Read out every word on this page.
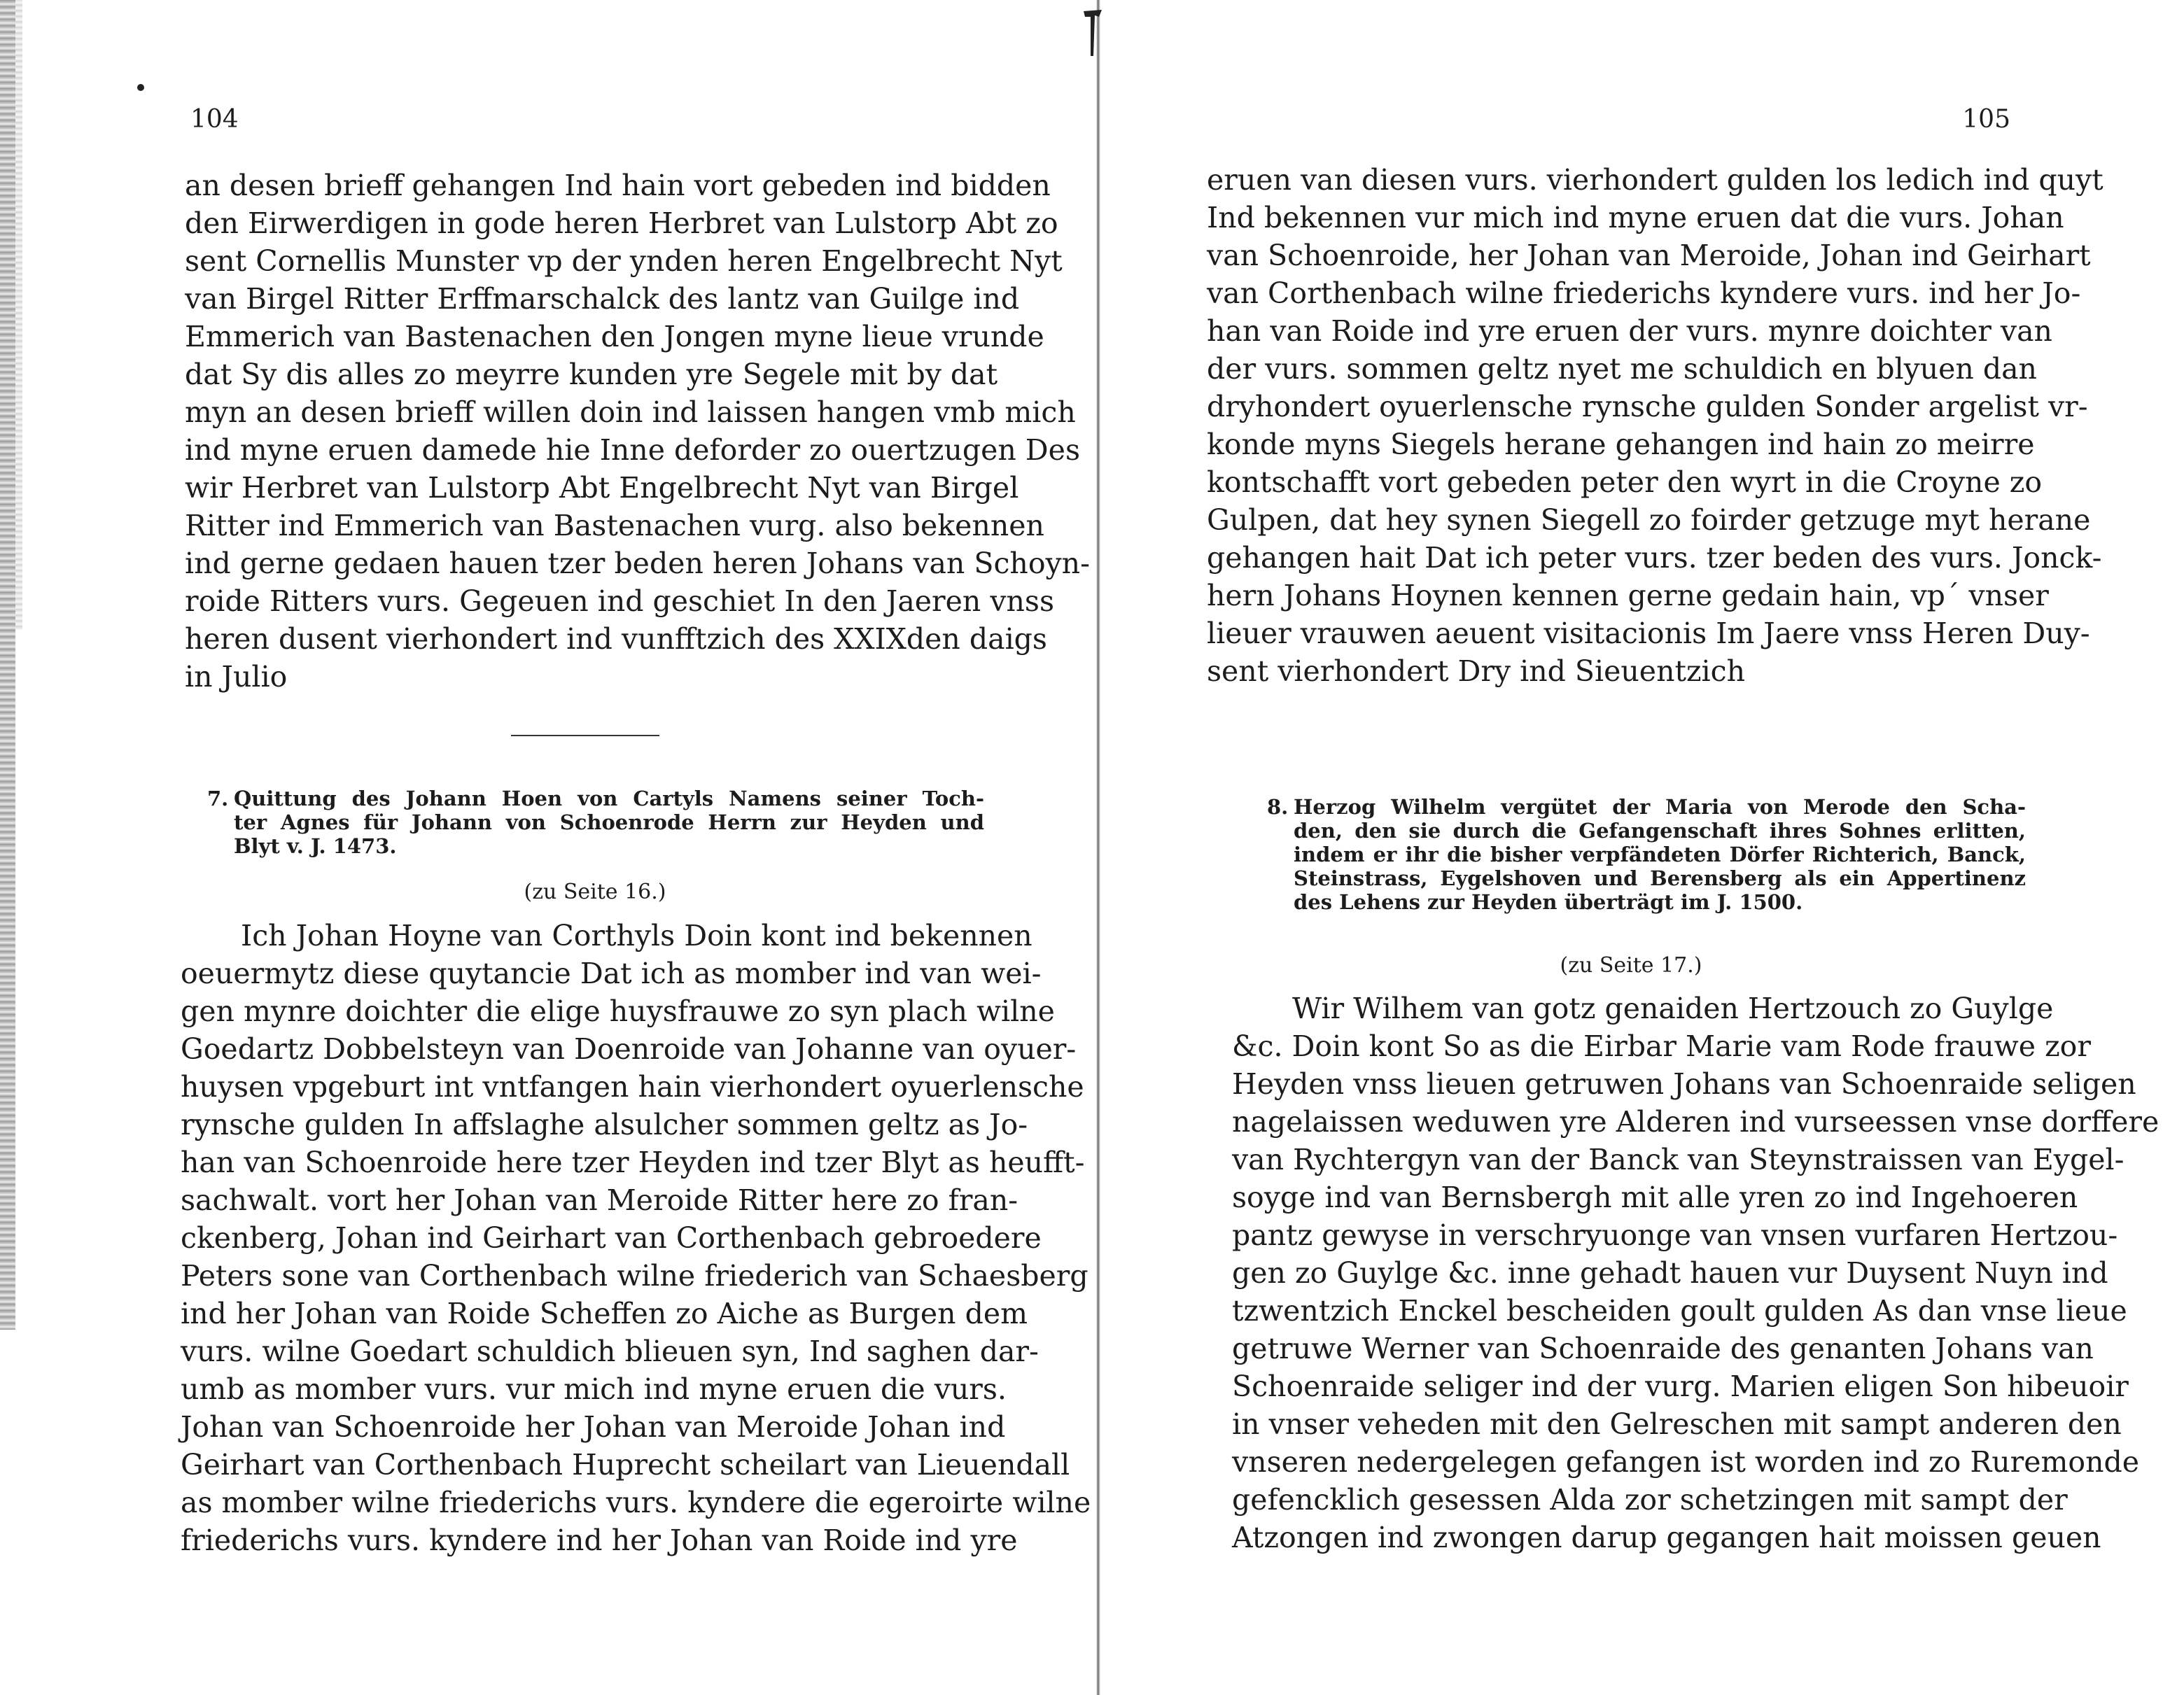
104
an desen brieff gehangen Ind hain vort gebeden ind bidden
den Eirwerdigen in gode heren Herbret van Lulstorp Abt zo
sent Cornellis Munster vp der ynden heren Engelbrecht Nyt
van Birgel Ritter Erffmarschalck des lantz van Guilge ind
Emmerich van Bastenachen den Jongen myne lieue vrunde
dat Sy dis alles zo meyrre kunden yre Segele mit by dat
myn an desen brieff willen doin ind laissen hangen vmb mich
ind myne eruen damede hie Inne deforder zo ouertzugen Des
wir Herbret van Lulstorp Abt Engelbrecht Nyt van Birgel
Ritter ind Emmerich van Bastenachen vurg. also bekennen
ind gerne gedaen hauen tzer beden heren Johans van Schoyn-
roide Ritters vurs. Gegeuen ind geschiet In den Jaeren vnss
heren dusent vierhondert ind vunfftzich des XXIXden daigs
in Julio
7. Quittung des Johann Hoen von Cartyls Namens seiner Toch-
ter Agnes für Johann von Schoenrode Herrn zur Heyden und
Blyt v. J. 1473.
(zu Seite 16.)
Ich Johan Hoyne van Corthyls Doin kont ind bekennen
oeuermytz diese quytancie Dat ich as momber ind van wei-
gen mynre doichter die elige huysfrauwe zo syn plach wilne
Goedartz Dobbelsteyn van Doenroide van Johanne van oyuer-
huysen vpgeburt int vntfangen hain vierhondert oyuerlensche
rynsche gulden In affslaghe alsulcher sommen geltz as Jo-
han van Schoenroide here tzer Heyden ind tzer Blyt as heufft-
sachwalt. vort her Johan van Meroide Ritter here zo fran-
ckenberg, Johan ind Geirhart van Corthenbach gebroedere
Peters sone van Corthenbach wilne friederich van Schaesberg
ind her Johan van Roide Scheffen zo Aiche as Burgen dem
vurs. wilne Goedart schuldich blieuen syn, Ind saghen dar-
umb as momber vurs. vur mich ind myne eruen die vurs.
Johan van Schoenroide her Johan van Meroide Johan ind
Geirhart van Corthenbach Huprecht scheilart van Lieuendall
as momber wilne friederichs vurs. kyndere die egeroirte wilne
friederichs vurs. kyndere ind her Johan van Roide ind yre
105
eruen van diesen vurs. vierhondert gulden los ledich ind quyt
Ind bekennen vur mich ind myne eruen dat die vurs. Johan
van Schoenroide, her Johan van Meroide, Johan ind Geirhart
van Corthenbach wilne friederichs kyndere vurs. ind her Jo-
han van Roide ind yre eruen der vurs. mynre doichter van
der vurs. sommen geltz nyet me schuldich en blyuen dan
dryhondert oyuerlensche rynsche gulden Sonder argelist vr-
konde myns Siegels herane gehangen ind hain zo meirre
kontschafft vort gebeden peter den wyrt in die Croyne zo
Gulpen, dat hey synen Siegell zo foirder getzuge myt herane
gehangen hait Dat ich peter vurs. tzer beden des vurs. Jonck-
hern Johans Hoynen kennen gerne gedain hain, vp´ vnser
lieuer vrauwen aeuent visitacionis Im Jaere vnss Heren Duy-
sent vierhondert Dry ind Sieuentzich
8. Herzog Wilhelm vergütet der Maria von Merode den Scha-
den, den sie durch die Gefangenschaft ihres Sohnes erlitten,
indem er ihr die bisher verpfändeten Dörfer Richterich, Banck,
Steinstrass, Eygelshoven und Berensberg als ein Appertinenz
des Lehens zur Heyden überträgt im J. 1500.
(zu Seite 17.)
Wir Wilhem van gotz genaiden Hertzouch zo Guylge
&c. Doin kont So as die Eirbar Marie vam Rode frauwe zor
Heyden vnss lieuen getruwen Johans van Schoenraide seligen
nagelaissen weduwen yre Alderen ind vurseessen vnse dorffere
van Rychtergyn van der Banck van Steynstraissen van Eygel-
soyge ind van Bernsbergh mit alle yren zo ind Ingehoeren
pantz gewyse in verschryuonge van vnsen vurfaren Hertzou-
gen zo Guylge &c. inne gehadt hauen vur Duysent Nuyn ind
tzwentzich Enckel bescheiden goult gulden As dan vnse lieue
getruwe Werner van Schoenraide des genanten Johans van
Schoenraide seliger ind der vurg. Marien eligen Son hibeuoir
in vnser veheden mit den Gelreschen mit sampt anderen den
vnseren nedergelegen gefangen ist worden ind zo Ruremonde
gefencklich gesessen Alda zor schetzingen mit sampt der
Atzongen ind zwongen darup gegangen hait moissen geuen
